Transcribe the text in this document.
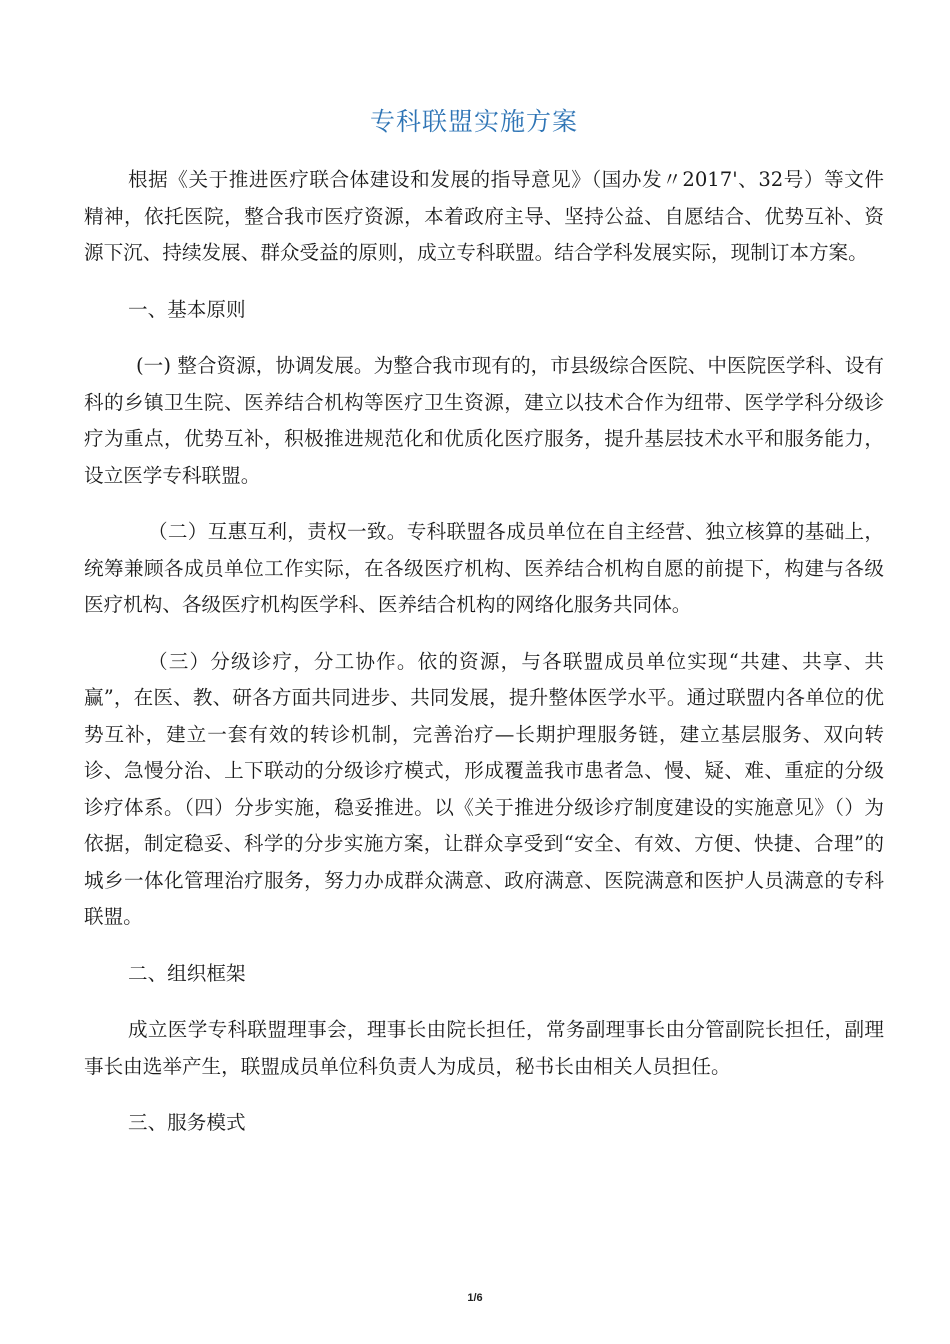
专科联盟实施方案

根据《关于推进医疗联合体建设和发展的指导意见》（国办发〃2017'、32号）等文件精神，依托医院，整合我市医疗资源，本着政府主导、坚持公益、自愿结合、优势互补、资源下沉、持续发展、群众受益的原则，成立专科联盟。结合学科发展实际，现制订本方案。

一、基本原则

(一) 整合资源，协调发展。为整合我市现有的，市县级综合医院、中医院医学科、设有科的乡镇卫生院、医养结合机构等医疗卫生资源，建立以技术合作为纽带、医学学科分级诊疗为重点，优势互补，积极推进规范化和优质化医疗服务，提升基层技术水平和服务能力，设立医学专科联盟。

（二）互惠互利，责权一致。专科联盟各成员单位在自主经营、独立核算的基础上，统筹兼顾各成员单位工作实际，在各级医疗机构、医养结合机构自愿的前提下，构建与各级医疗机构、各级医疗机构医学科、医养结合机构的网络化服务共同体。

（三）分级诊疗，分工协作。依的资源，与各联盟成员单位实现“共建、共享、共赢”，在医、教、研各方面共同进步、共同发展，提升整体医学水平。通过联盟内各单位的优势互补，建立一套有效的转诊机制，完善治疗—长期护理服务链，建立基层服务、双向转诊、急慢分治、上下联动的分级诊疗模式，形成覆盖我市患者急、慢、疑、难、重症的分级诊疗体系。（四）分步实施，稳妥推进。以《关于推进分级诊疗制度建设的实施意见》（）为依据，制定稳妥、科学的分步实施方案，让群众享受到“安全、有效、方便、快捷、合理”的城乡一体化管理治疗服务，努力办成群众满意、政府满意、医院满意和医护人员满意的专科联盟。

二、组织框架

成立医学专科联盟理事会，理事长由院长担任，常务副理事长由分管副院长担任，副理事长由选举产生，联盟成员单位科负责人为成员，秘书长由相关人员担任。

三、服务模式

1/6
